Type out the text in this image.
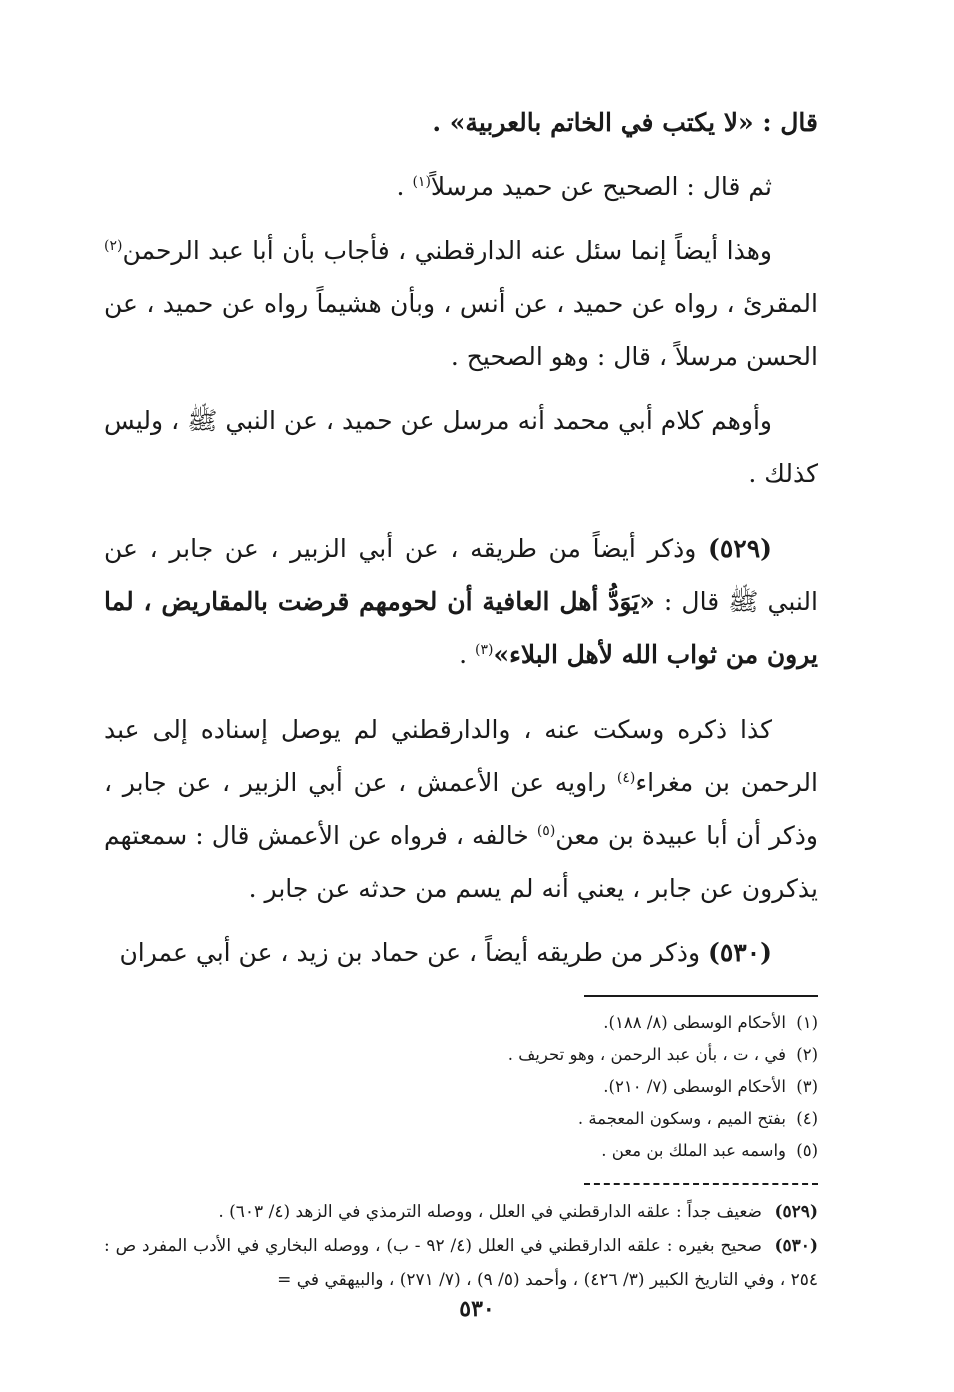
قال : «لا يكتب في الخاتم بالعربية» .

ثم قال : الصحيح عن حميد مرسلاً$^{(١)}$ .

وهذا أيضاً إنما سئل عنه الدارقطني ، فأجاب بأن أبا عبد الرحمن$^{(٢)}$ المقرئ ، رواه عن حميد ، عن أنس ، وبأن هشيماً رواه عن حميد ، عن الحسن مرسلاً ، قال : وهو الصحيح .

وأوهم كلام أبي محمد أنه مرسل عن حميد ، عن النبي ﷺ ، وليس كذلك .

(٥٢٩) وذكر أيضاً من طريقه ، عن أبي الزبير ، عن جابر ، عن النبي ﷺ قال : «يَوَدُّ أهل العافية أن لحومهم قرضت بالمقاريض ، لما يرون من ثواب الله لأهل البلاء»$^{(٣)}$ .

كذا ذكره وسكت عنه ، والدارقطني لم يوصل إسناده إلى عبد الرحمن بن مغراء$^{(٤)}$ راويه عن الأعمش ، عن أبي الزبير ، عن جابر ، وذكر أن أبا عبيدة بن معن$^{(٥)}$ خالفه ، فرواه عن الأعمش قال : سمعتهم يذكرون عن جابر ، يعني أنه لم يسم من حدثه عن جابر .

(٥٣٠) وذكر من طريقه أيضاً ، عن حماد بن زيد ، عن أبي عمران

(١)الأحكام الوسطى (٨/ ١٨٨).

(٢)في ، ت ، بأن عبد الرحمن ، وهو تحريف .

(٣)الأحكام الوسطى (٧/ ٢١٠).

(٤)بفتح الميم ، وسكون المعجمة .

(٥)واسمه عبد الملك بن معن .

(٥٢٩)ضعيف جداً : علقه الدارقطني في العلل ، ووصله الترمذي في الزهد (٤/ ٦٠٣) .

(٥٣٠)صحيح بغيره : علقه الدارقطني في العلل (٤/ ٩٢ - ب) ، ووصله البخاري في الأدب المفرد ص : ٢٥٤ ، وفي التاريخ الكبير (٣/ ٤٢٦) ، وأحمد (٥/ ٩) ، (٧/ ٢٧١) ، والبيهقي في =

٥٣٠
